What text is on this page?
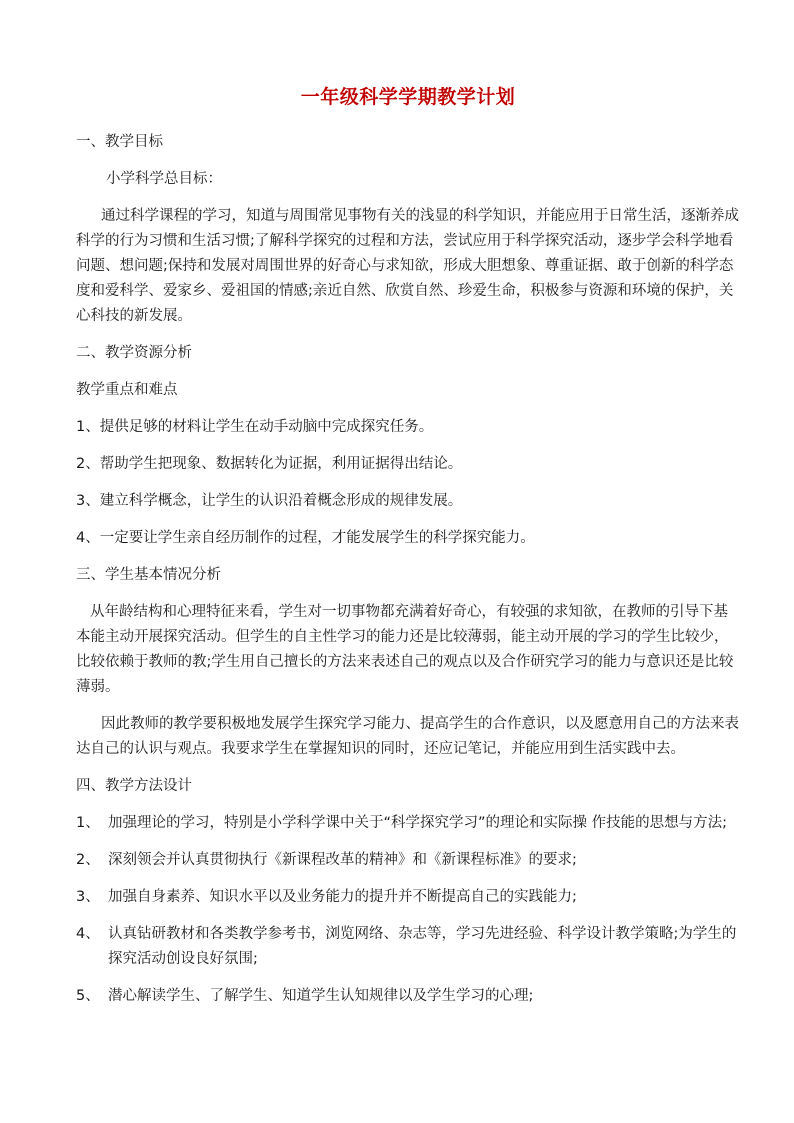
一年级科学学期教学计划
一、教学目标
小学科学总目标：
通过科学课程的学习，知道与周围常见事物有关的浅显的科学知识，并能应用于日常生活，逐渐养成科学的行为习惯和生活习惯;了解科学探究的过程和方法，尝试应用于科学探究活动，逐步学会科学地看问题、想问题;保持和发展对周围世界的好奇心与求知欲，形成大胆想象、尊重证据、敢于创新的科学态度和爱科学、爱家乡、爱祖国的情感;亲近自然、欣赏自然、珍爱生命，积极参与资源和环境的保护，关心科技的新发展。
二、教学资源分析
教学重点和难点
1、提供足够的材料让学生在动手动脑中完成探究任务。
2、帮助学生把现象、数据转化为证据，利用证据得出结论。
3、建立科学概念，让学生的认识沿着概念形成的规律发展。
4、一定要让学生亲自经历制作的过程，才能发展学生的科学探究能力。
三、学生基本情况分析
从年龄结构和心理特征来看，学生对一切事物都充满着好奇心，有较强的求知欲，在教师的引导下基本能主动开展探究活动。但学生的自主性学习的能力还是比较薄弱，能主动开展的学习的学生比较少，比较依赖于教师的教;学生用自己擅长的方法来表述自己的观点以及合作研究学习的能力与意识还是比较薄弱。
因此教师的教学要积极地发展学生探究学习能力、提高学生的合作意识，以及愿意用自己的方法来表达自己的认识与观点。我要求学生在掌握知识的同时，还应记笔记，并能应用到生活实践中去。
四、教学方法设计
1、 加强理论的学习，特别是小学科学课中关于“科学探究学习”的理论和实际操 作技能的思想与方法;
2、 深刻领会并认真贯彻执行《新课程改革的精神》和《新课程标准》的要求;
3、 加强自身素养、知识水平以及业务能力的提升并不断提高自己的实践能力;
4、 认真钻研教材和各类教学参考书，浏览网络、杂志等，学习先进经验、科学设计教学策略;为学生的探究活动创设良好氛围;
5、 潜心解读学生、了解学生、知道学生认知规律以及学生学习的心理;
